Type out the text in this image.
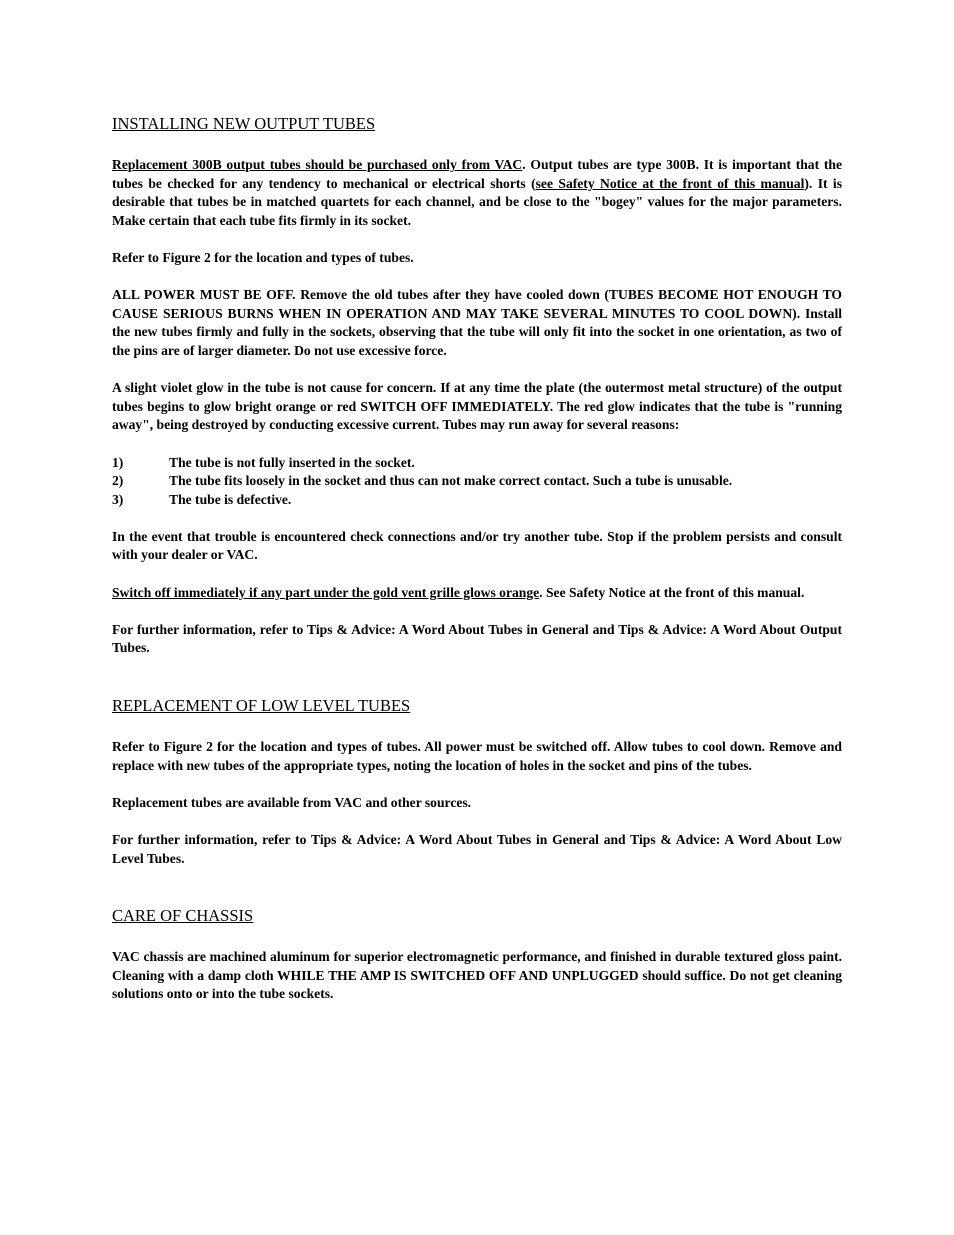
INSTALLING NEW OUTPUT TUBES

Replacement 300B output tubes should be purchased only from VAC. Output tubes are type 300B. It is important that the tubes be checked for any tendency to mechanical or electrical shorts (see Safety Notice at the front of this manual). It is desirable that tubes be in matched quartets for each channel, and be close to the "bogey" values for the major parameters. Make certain that each tube fits firmly in its socket.

Refer to Figure 2 for the location and types of tubes.

ALL POWER MUST BE OFF. Remove the old tubes after they have cooled down (TUBES BECOME HOT ENOUGH TO CAUSE SERIOUS BURNS WHEN IN OPERATION AND MAY TAKE SEVERAL MINUTES TO COOL DOWN). Install the new tubes firmly and fully in the sockets, observing that the tube will only fit into the socket in one orientation, as two of the pins are of larger diameter. Do not use excessive force.

A slight violet glow in the tube is not cause for concern. If at any time the plate (the outermost metal structure) of the output tubes begins to glow bright orange or red SWITCH OFF IMMEDIATELY. The red glow indicates that the tube is "running away", being destroyed by conducting excessive current. Tubes may run away for several reasons:

1)	The tube is not fully inserted in the socket.
2)	The tube fits loosely in the socket and thus can not make correct contact. Such a tube is unusable.
3)	The tube is defective.

In the event that trouble is encountered check connections and/or try another tube. Stop if the problem persists and consult with your dealer or VAC.

Switch off immediately if any part under the gold vent grille glows orange. See Safety Notice at the front of this manual.

For further information, refer to Tips & Advice: A Word About Tubes in General and Tips & Advice: A Word About Output Tubes.

REPLACEMENT OF LOW LEVEL TUBES

Refer to Figure 2 for the location and types of tubes. All power must be switched off. Allow tubes to cool down. Remove and replace with new tubes of the appropriate types, noting the location of holes in the socket and pins of the tubes.

Replacement tubes are available from VAC and other sources.

For further information, refer to Tips & Advice: A Word About Tubes in General and Tips & Advice: A Word About Low Level Tubes.

CARE OF CHASSIS

VAC chassis are machined aluminum for superior electromagnetic performance, and finished in durable textured gloss paint. Cleaning with a damp cloth WHILE THE AMP IS SWITCHED OFF AND UNPLUGGED should suffice. Do not get cleaning solutions onto or into the tube sockets.
